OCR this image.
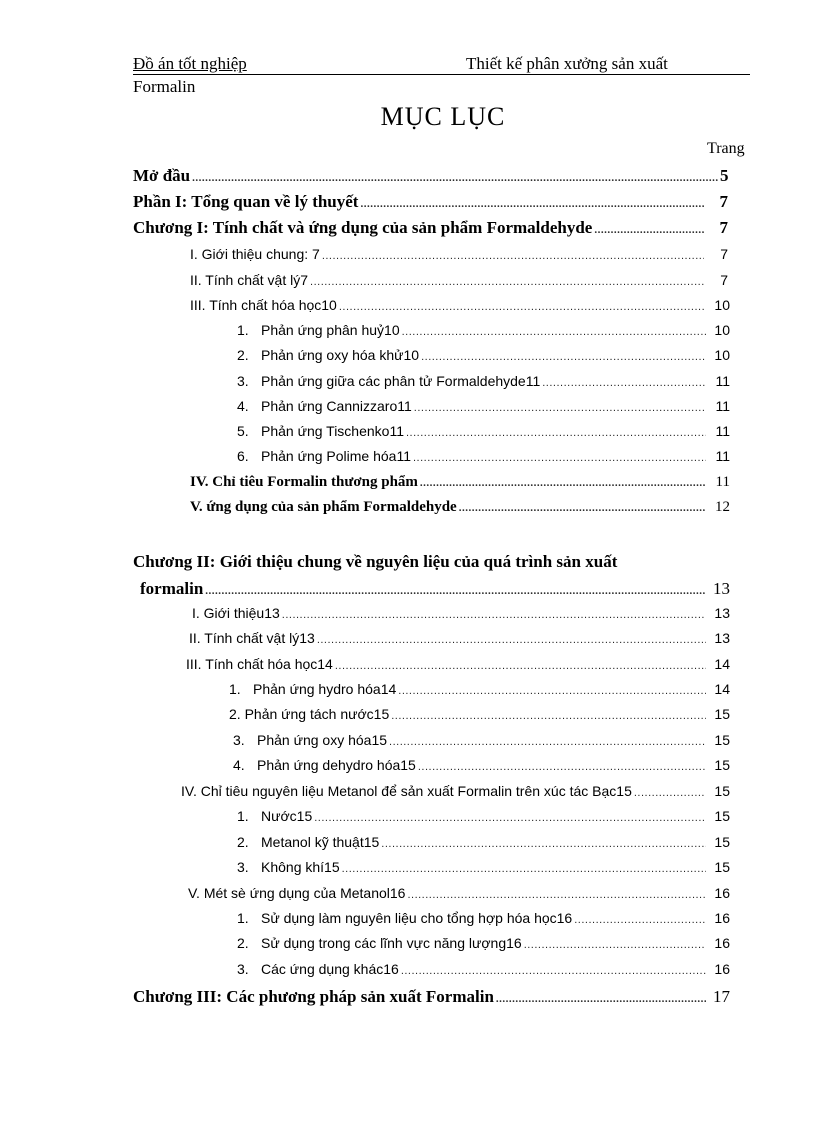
Đồ án tốt nghiệp	Thiết kế phân xưởng sản xuất
Formalin
MỤC LỤC
Trang
Mở đầu .....	5
Phần I: Tổng quan về lý thuyết .....	7
Chương I: Tính chất và ứng dụng của sản phẩm Formaldehyde .....	7
I. Giới thiệu chung: 7 .....	7
II. Tính chất vật lý7 .....	7
III. Tính chất hóa học10 .....	10
1. Phản ứng phân huỷ10 .....	10
2. Phản ứng oxy hóa khử10 .....	10
3. Phản ứng giữa các phân tử Formaldehyde11 .....	11
4. Phản ứng Cannizzaro11 .....	11
5. Phản ứng Tischenko11 .....	11
6. Phản ứng Polime hóa11 .....	11
IV. Chỉ tiêu Formalin thương phẩm .....	11
V. ứng dụng của sản phẩm Formaldehyde .....	12
Chương II: Giới thiệu chung về nguyên liệu của quá trình sản xuất
formalin .....	13
I. Giới thiệu13 .....	13
II. Tính chất vật lý13 .....	13
III. Tính chất hóa học14 .....	14
1. Phản ứng hydro hóa14 .....	14
2. Phản ứng tách nước15 .....	15
3. Phản ứng oxy hóa15 .....	15
4. Phản ứng dehydro hóa15 .....	15
IV. Chỉ tiêu nguyên liệu Metanol để sản xuất Formalin trên xúc tác Bạc15 .....	15
1. Nước15 .....	15
2. Metanol kỹ thuật15 .....	15
3. Không khí15 .....	15
V. Mét sè ứng dụng của Metanol16 .....	16
1. Sử dụng làm nguyên liệu cho tổng hợp hóa học16 .....	16
2. Sử dụng trong các lĩnh vực năng lượng16 .....	16
3. Các ứng dụng khác16 .....	16
Chương III: Các phương pháp sản xuất Formalin .....	17
